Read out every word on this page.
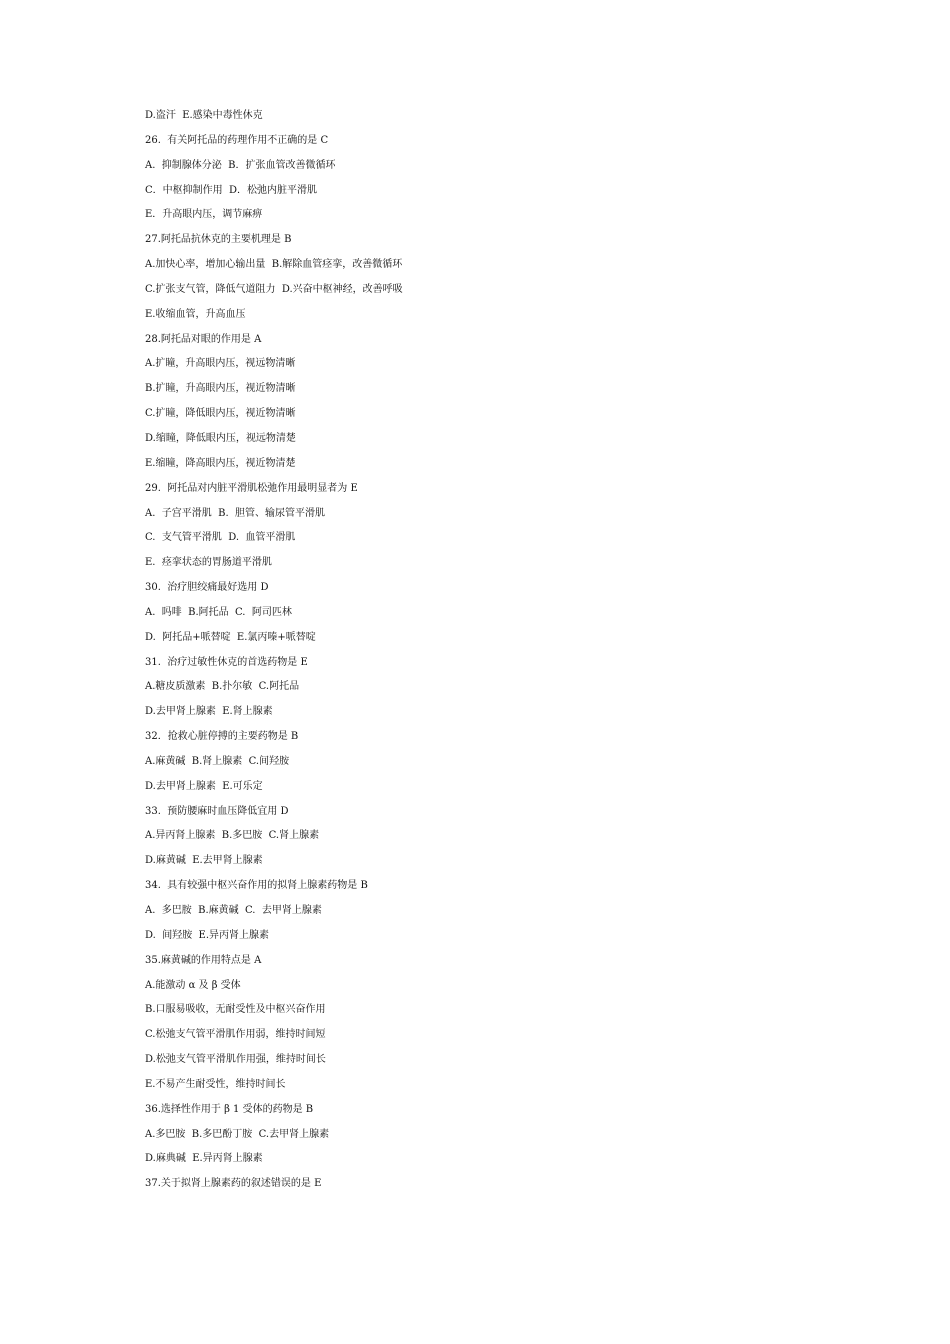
D.盗汗  E.感染中毒性休克
26.  有关阿托品的药理作用不正确的是 C
A.  抑制腺体分泌  B．扩张血管改善微循环
C．中枢抑制作用  D．松弛内脏平滑肌
E．升高眼内压，调节麻痹
27.阿托品抗休克的主要机理是 B
A.加快心率，增加心输出量  B.解除血管痉挛，改善微循环
C.扩张支气管，降低气道阻力  D.兴奋中枢神经，改善呼吸
E.收缩血管，升高血压
28.阿托品对眼的作用是 A
A.扩瞳，升高眼内压，视远物清晰
B.扩瞳，升高眼内压，视近物清晰
C.扩瞳，降低眼内压，视近物清晰
D.缩瞳，降低眼内压，视远物清楚
E.缩瞳，降高眼内压，视近物清楚
29.  阿托品对内脏平滑肌松弛作用最明显者为 E
A.  子宫平滑肌  B.  胆管、输尿管平滑肌
C.  支气管平滑肌  D.  血管平滑肌
E.  痉挛状态的胃肠道平滑肌
30.  治疗胆绞痛最好选用 D
A.  吗啡  B.阿托品  C.  阿司匹林
D.  阿托品+哌替啶  E.氯丙嗪+哌替啶
31.  治疗过敏性休克的首选药物是 E
A.糖皮质激素  B.扑尔敏  C.阿托品
D.去甲肾上腺素  E.肾上腺素
32．抢救心脏停搏的主要药物是 B
A.麻黄碱  B.肾上腺素  C.间羟胺
D.去甲肾上腺素  E.可乐定
33.  预防腰麻时血压降低宜用 D
A.异丙肾上腺素  B.多巴胺  C.肾上腺素
D.麻黄碱  E.去甲肾上腺素
34.  具有较强中枢兴奋作用的拟肾上腺素药物是 B
A.  多巴胺  B.麻黄碱  C.  去甲肾上腺素
D.  间羟胺  E.异丙肾上腺素
35.麻黄碱的作用特点是 A
A.能激动 α 及 β 受体
B.口服易吸收，无耐受性及中枢兴奋作用
C.松弛支气管平滑肌作用弱，维持时间短
D.松弛支气管平滑肌作用强，维持时间长
E.不易产生耐受性，维持时间长
36.选择性作用于 β 1 受体的药物是 B
A.多巴胺  B.多巴酚丁胺  C.去甲肾上腺素
D.麻典碱  E.异丙肾上腺素
37.关于拟肾上腺素药的叙述错误的是 E
